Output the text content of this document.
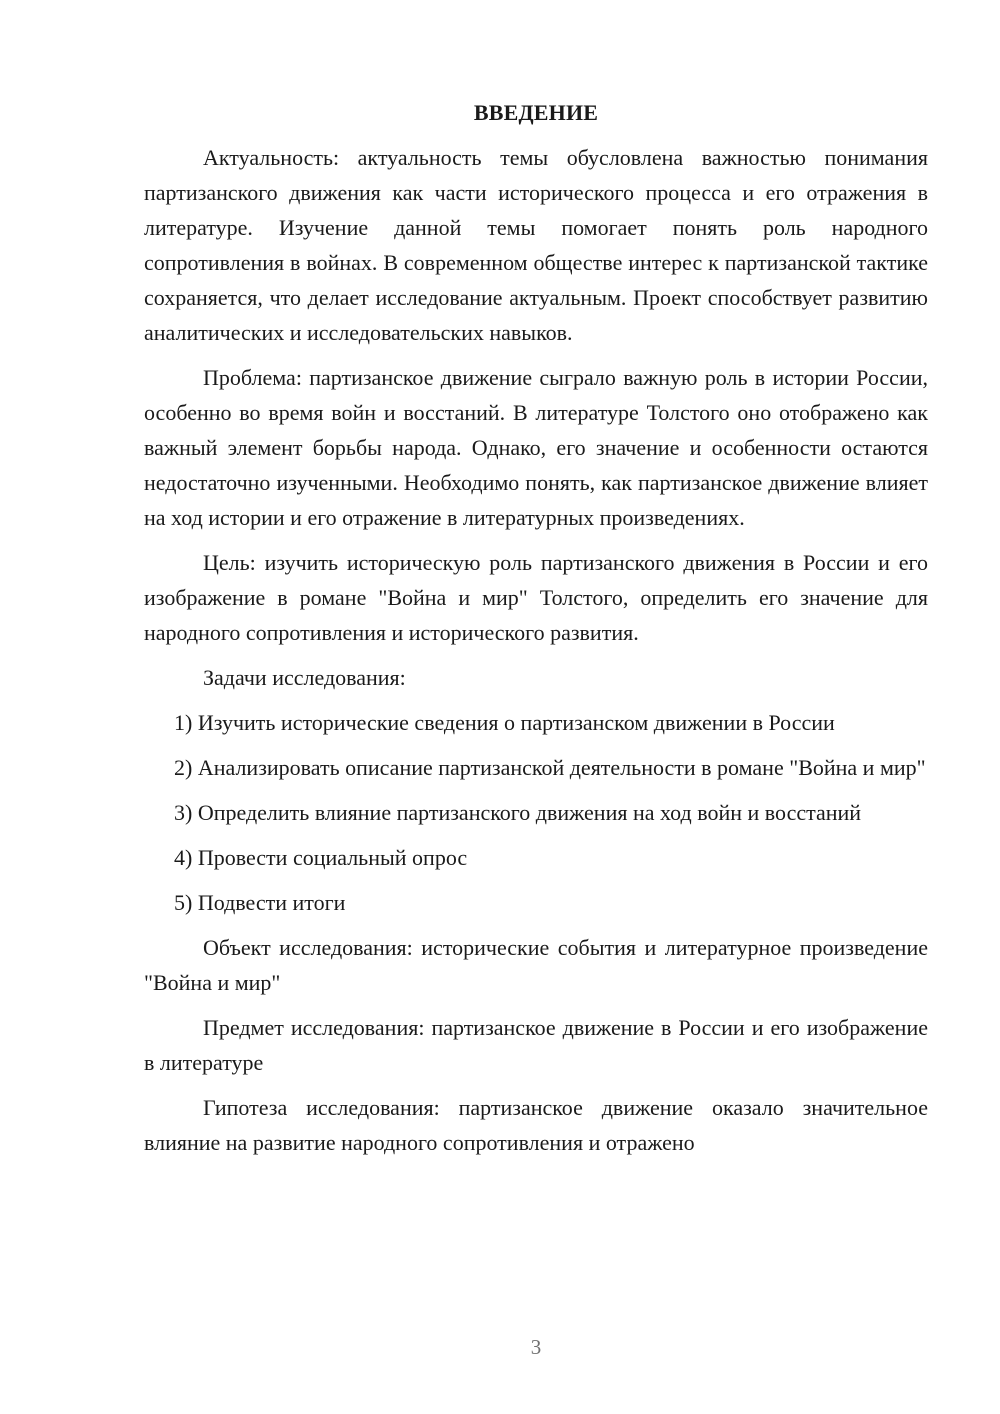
ВВЕДЕНИЕ

Актуальность: актуальность темы обусловлена важностью понимания партизанского движения как части исторического процесса и его отражения в литературе. Изучение данной темы помогает понять роль народного сопротивления в войнах. В современном обществе интерес к партизанской тактике сохраняется, что делает исследование актуальным. Проект способствует развитию аналитических и исследовательских навыков.

Проблема: партизанское движение сыграло важную роль в истории России, особенно во время войн и восстаний. В литературе Толстого оно отображено как важный элемент борьбы народа. Однако, его значение и особенности остаются недостаточно изученными. Необходимо понять, как партизанское движение влияет на ход истории и его отражение в литературных произведениях.

Цель: изучить историческую роль партизанского движения в России и его изображение в романе "Война и мир" Толстого, определить его значение для народного сопротивления и исторического развития.

Задачи исследования:

1) Изучить исторические сведения о партизанском движении в России

2) Анализировать описание партизанской деятельности в романе "Война и мир"

3) Определить влияние партизанского движения на ход войн и восстаний

4) Провести социальный опрос

5) Подвести итоги

Объект исследования: исторические события и литературное произведение "Война и мир"

Предмет исследования: партизанское движение в России и его изображение в литературе

Гипотеза исследования: партизанское движение оказало значительное влияние на развитие народного сопротивления и отражено

3
